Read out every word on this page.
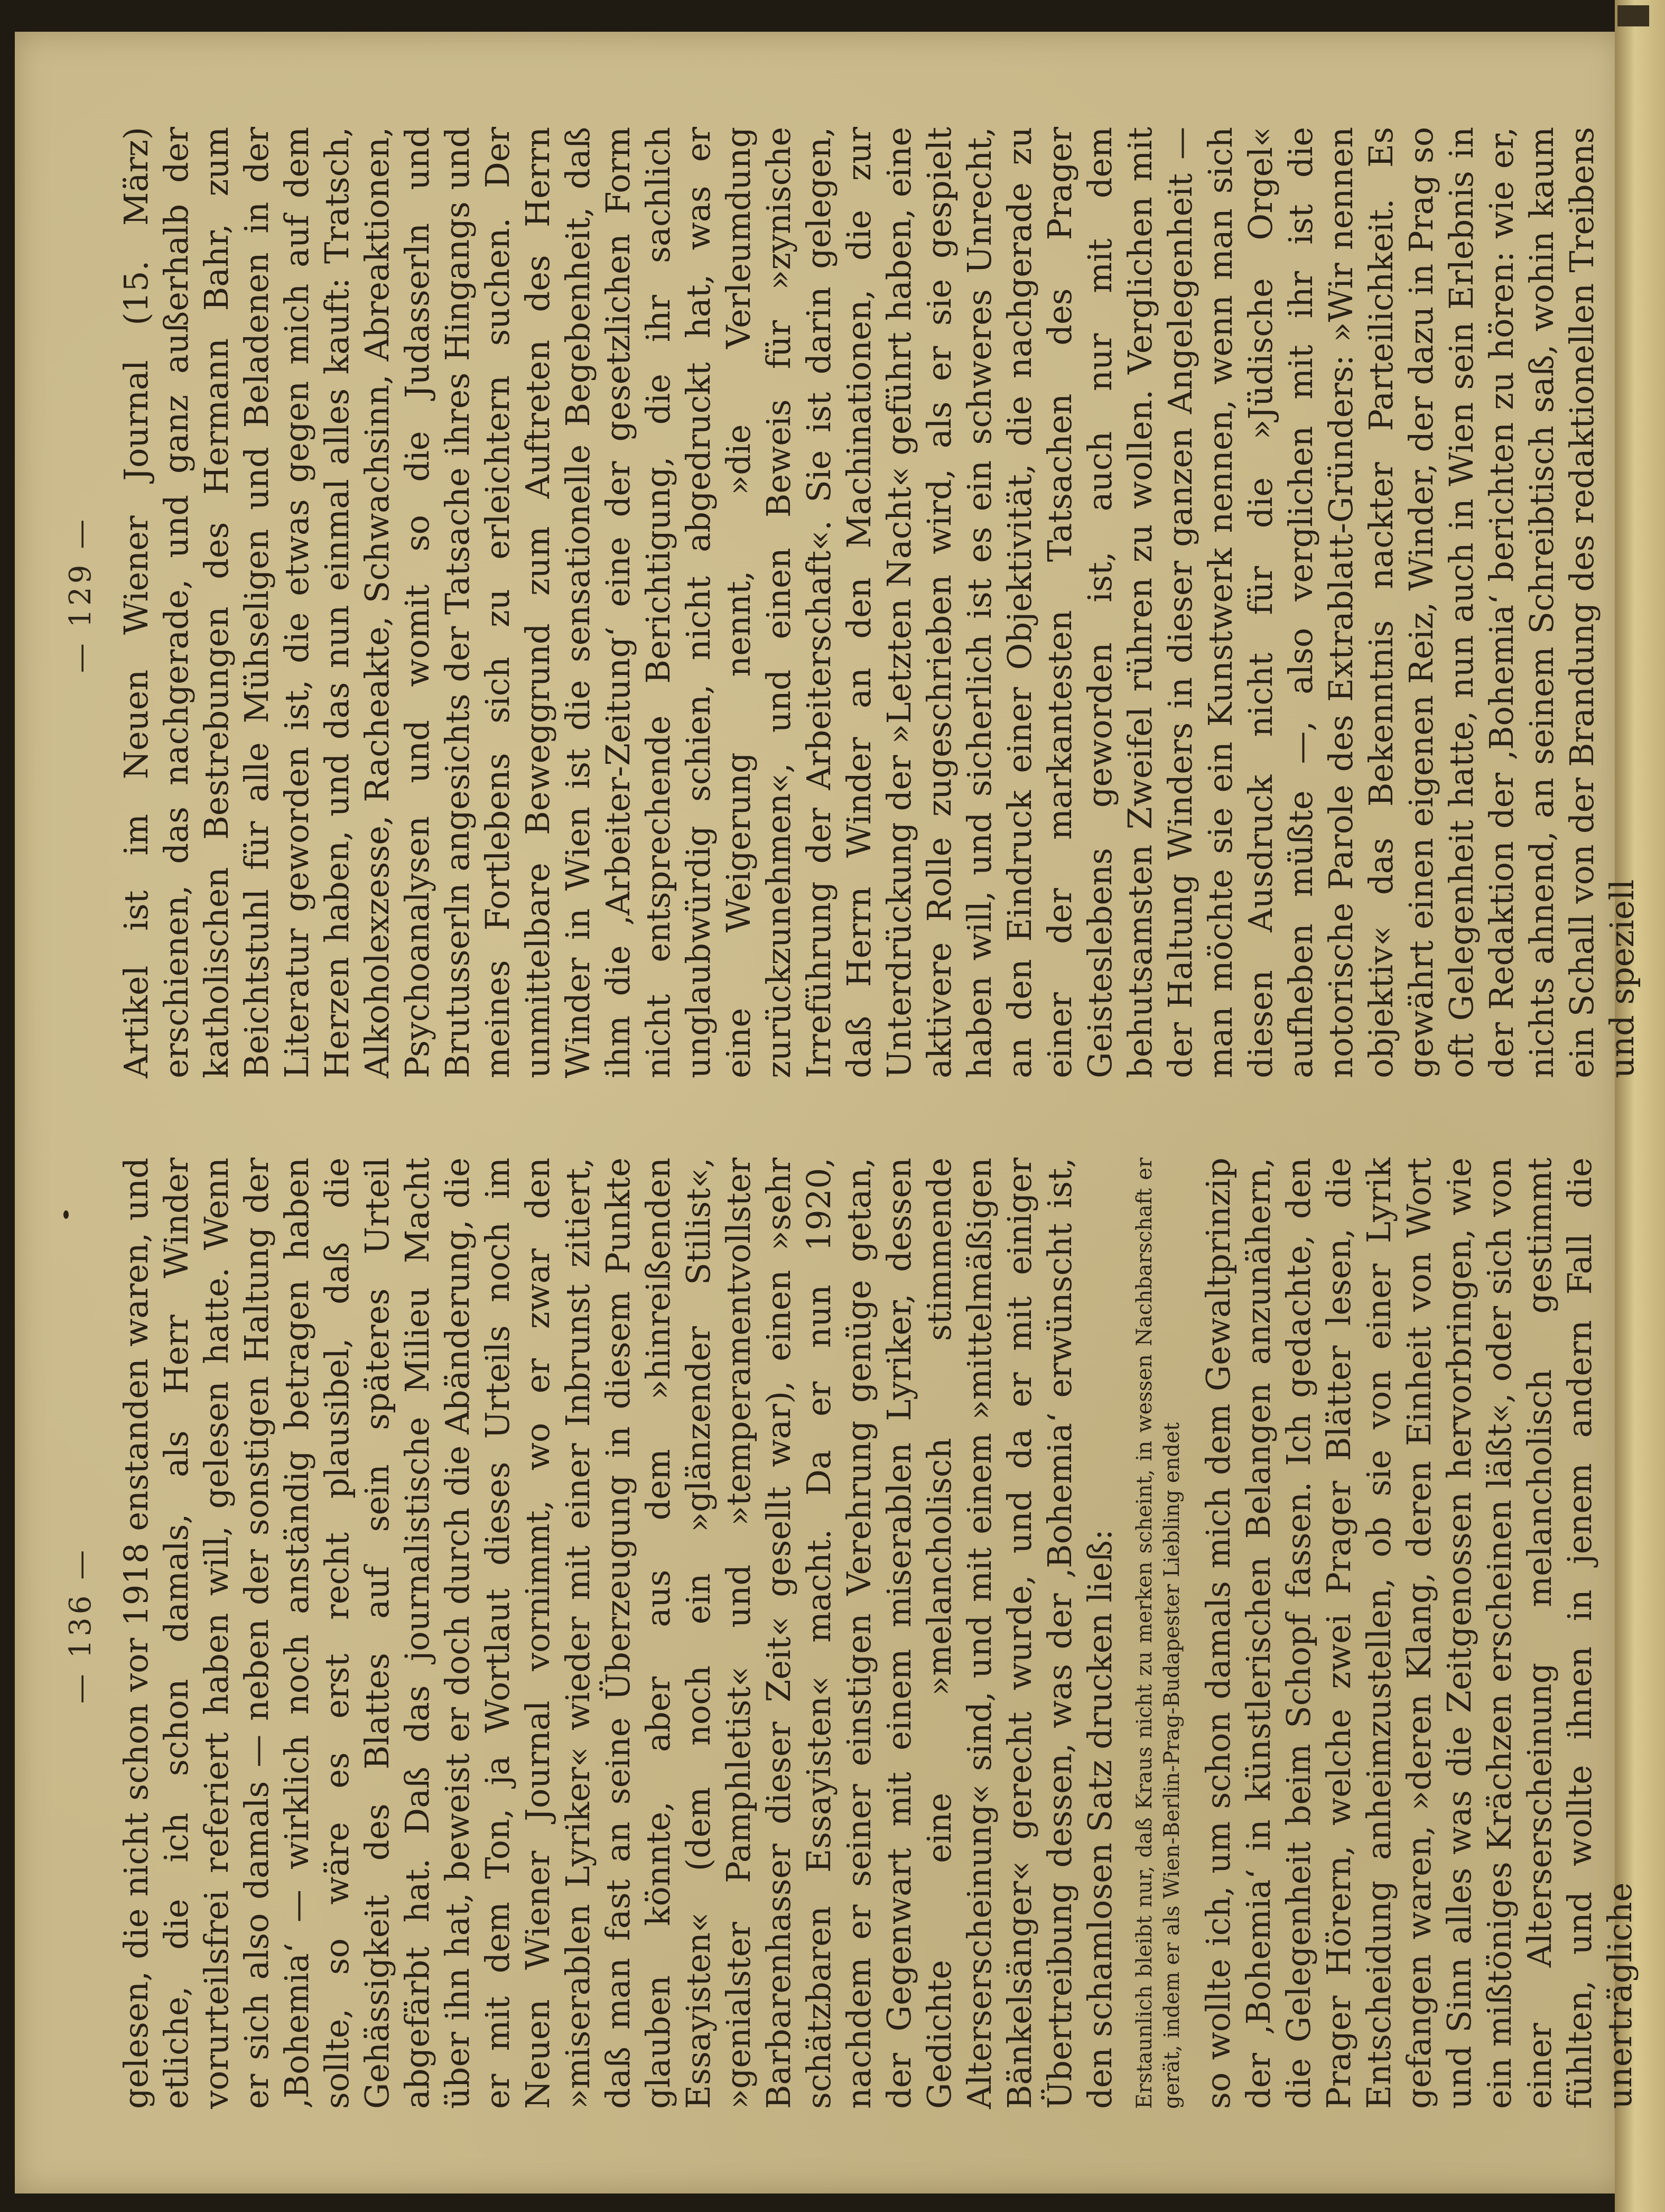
— 136 — gelesen, die nicht schon vor 1918 enstanden waren, und etliche, die ich schon damals, als Herr Winder vorurteilsfrei referiert haben will, gelesen hatte. Wenn er sich also damals — neben der sonstigen Haltung der ‚Bohemia‘ — wirklich noch anständig betragen haben sollte, so wäre es erst recht plausibel, daß die Gehässigkeit des Blattes auf sein späteres Urteil abgefärbt hat. Daß das journalistische Milieu Macht über ihn hat, beweist er doch durch die Abänderung, die er mit dem Ton, ja Wortlaut dieses Urteils noch im Neuen Wiener Journal vornimmt, wo er zwar den »miserablen Lyriker« wieder mit einer Inbrunst zitiert, daß man fast an seine Überzeugung in diesem Punkte glauben könnte, aber aus dem »hinreißenden Essayisten« (dem noch ein »glänzender Stilist«, »genialster Pamphletist« und »temperamentvollster Barbarenhasser dieser Zeit« gesellt war), einen »sehr schätzbaren Essayisten« macht. Da er nun 1920, nachdem er seiner einstigen Verehrung genüge getan, der Gegenwart mit einem miserablen Lyriker, dessen Gedichte eine »melancholisch stimmende Alterserscheinung« sind, und mit einem »mittelmäßigen Bänkelsänger« gerecht wurde, und da er mit einiger Übertreibung dessen, was der ‚Bohemia‘ erwünscht ist, den schamlosen Satz drucken ließ: Erstaunlich bleibt nur, daß Kraus nicht zu merken scheint, in wessen Nachbarschaft er gerät, indem er als Wien-Berlin-Prag-Budapester Liebling endet so wollte ich, um schon damals mich dem Gewaltprinzip der ‚Bohemia‘ in künstlerischen Belangen anzunähern, die Gelegenheit beim Schopf fassen. Ich gedachte, den Prager Hörern, welche zwei Prager Blätter lesen, die Entscheidung anheimzustellen, ob sie von einer Lyrik gefangen waren, »deren Klang, deren Einheit von Wort und Sinn alles was die Zeitgenossen hervorbringen, wie ein mißtöniges Krächzen erscheinen läßt«, oder sich von einer Alterserscheinung melancholisch gestimmt fühlten, und wollte ihnen in jenem andern Fall die unerträgliche

— 129 — Artikel ist im Neuen Wiener Journal (15. März) erschienen, das nachgerade, und ganz außerhalb der katholischen Bestrebungen des Hermann Bahr, zum Beichtstuhl für alle Mühseligen und Beladenen in der Literatur geworden ist, die etwas gegen mich auf dem Herzen haben, und das nun einmal alles kauft: Tratsch, Alkoholexzesse, Racheakte, Schwachsinn, Abreaktionen, Psychoanalysen und womit so die Judasserln und Brutusserln angesichts der Tatsache ihres Hingangs und meines Fortlebens sich zu erleichtern suchen. Der unmittelbare Beweggrund zum Auftreten des Herrn Winder in Wien ist die sensationelle Begebenheit, daß ihm die ‚Arbeiter-Zeitung‘ eine der gesetzlichen Form nicht entsprechende Berichtigung, die ihr sachlich unglaubwürdig schien, nicht abgedruckt hat, was er eine Weigerung nennt, »die Verleumdung zurückzunehmen«, und einen Beweis für »zynische Irreführung der Arbeiterschaft«. Sie ist darin gelegen, daß Herrn Winder an den Machinationen, die zur Unterdrückung der »Letzten Nacht« geführt haben, eine aktivere Rolle zugeschrieben wird, als er sie gespielt haben will, und sicherlich ist es ein schweres Unrecht, an den Eindruck einer Objektivität, die nachgerade zu einer der markantesten Tatsachen des Prager Geisteslebens geworden ist, auch nur mit dem behutsamsten Zweifel rühren zu wollen. Verglichen mit der Haltung Winders in dieser ganzen Angelegenheit — man möchte sie ein Kunstwerk nennen, wenn man sich diesen Ausdruck nicht für die »Jüdische Orgel« aufheben müßte —, also verglichen mit ihr ist die notorische Parole des Extrablatt-Gründers: »Wir nennen objektiv« das Bekenntnis nackter Parteilichkeit. Es gewährt einen eigenen Reiz, Winder, der dazu in Prag so oft Gelegenheit hatte, nun auch in Wien sein Erlebnis in der Redaktion der ‚Bohemia‘ berichten zu hören: wie er, nichts ahnend, an seinem Schreibtisch saß, wohin kaum ein Schall von der Brandung des redaktionellen Treibens und speziell
